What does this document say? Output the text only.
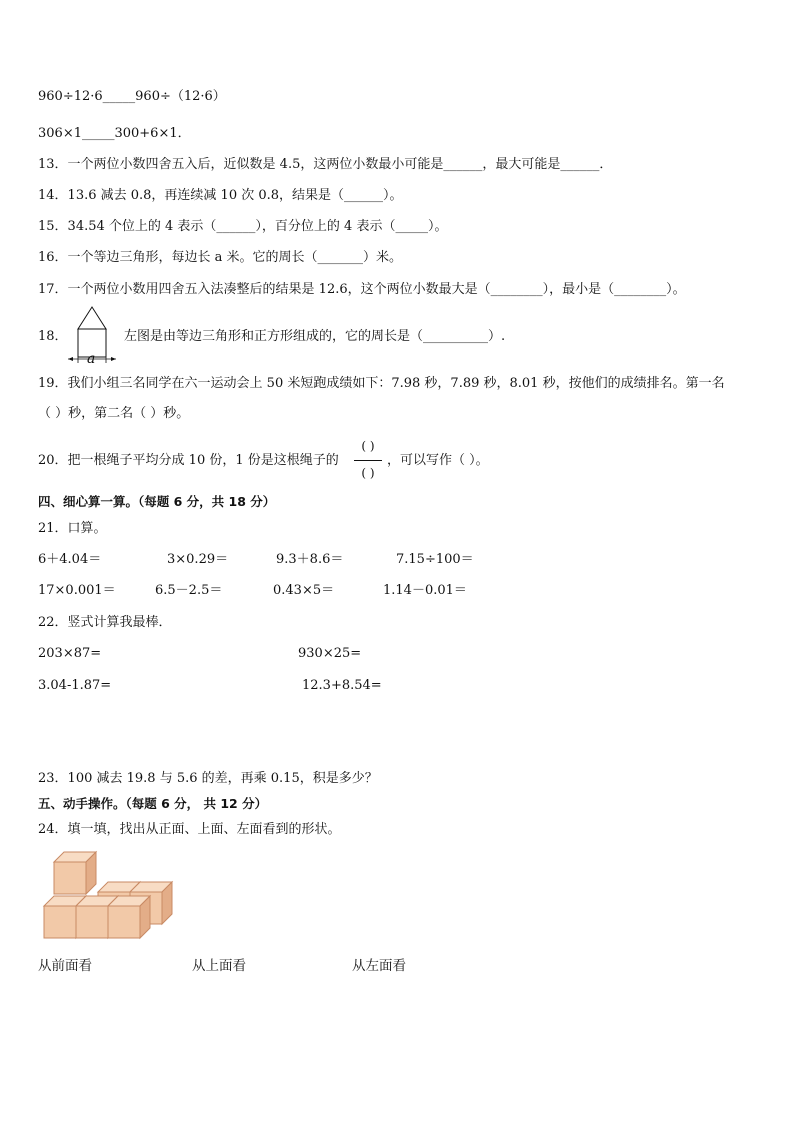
960÷12·6_____960÷（12·6）
306×1_____300+6×1．
13．一个两位小数四舍五入后，近似数是 4.5，这两位小数最小可能是______，最大可能是______．
14．13.6 减去 0.8，再连续减 10 次 0.8，结果是（______）。
15．34.54 个位上的 4 表示（______），百分位上的 4 表示（_____）。
16．一个等边三角形，每边长 a 米。它的周长（_______）米。
17．一个两位小数用四舍五入法凑整后的结果是 12.6，这个两位小数最大是（________），最小是（________）。
18．
a
左图是由等边三角形和正方形组成的，它的周长是（__________）.
19．我们小组三名同学在六一运动会上 50 米短跑成绩如下：7.98 秒，7.89 秒，8.01 秒，按他们的成绩排名。第一名
（ ）秒，第二名（ ）秒。
20．把一根绳子平均分成 10 份，1 份是这根绳子的
( )
( )
，可以写作（ ）。
四、细心算一算。（每题 6 分，共 18 分）
21．口算。
6＋4.04＝	3×0.29＝	9.3＋8.6＝	7.15÷100＝
17×0.001＝	6.5－2.5＝	0.43×5＝	1.14－0.01＝
22．竖式计算我最棒．
203×87=	930×25=
3.04-1.87=	12.3+8.54=
23．100 减去 19.8 与 5.6 的差，再乘 0.15，积是多少？
五、动手操作。（每题 6 分， 共 12 分）
24．填一填，找出从正面、上面、左面看到的形状。
从前面看	从上面看	从左面看
